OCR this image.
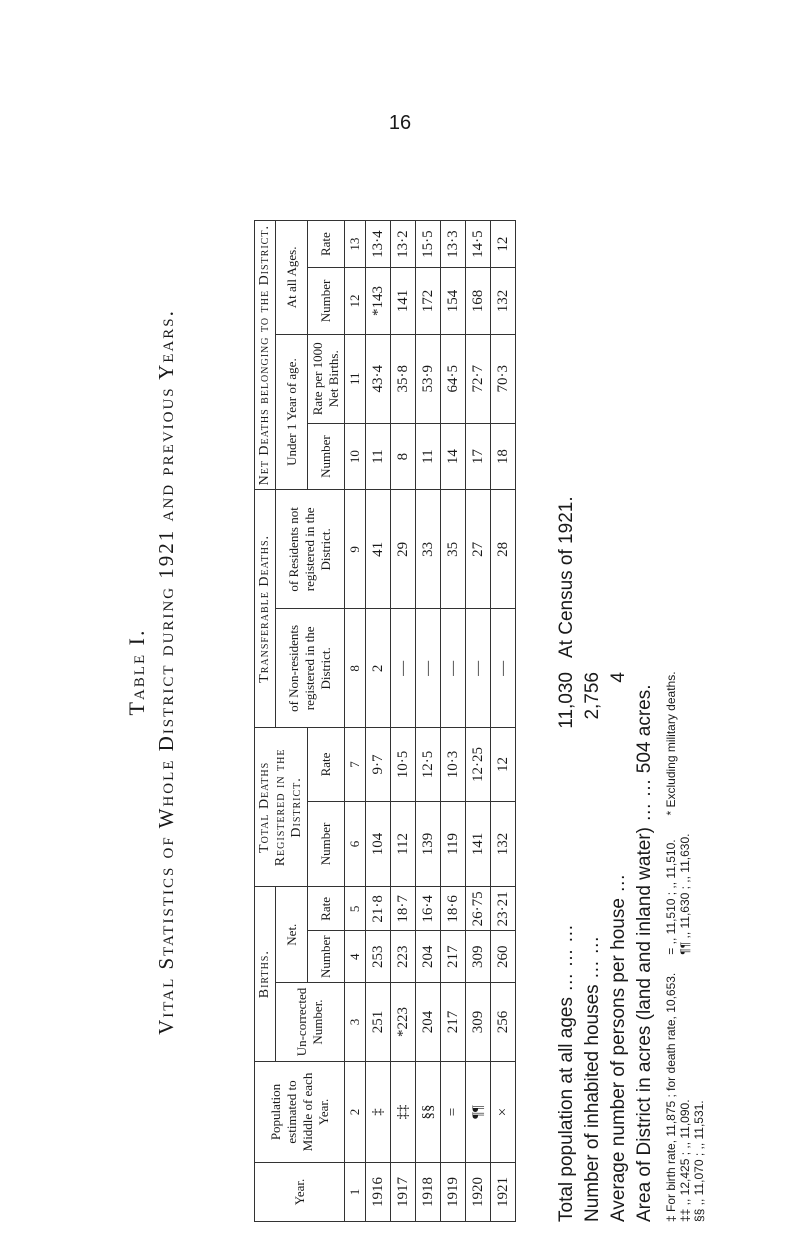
16
Table I. Vital Statistics of Whole District during 1921 and previous Years.
Year.	Population estimated to Middle of each Year.	Births.			Total Deaths Registered in the District.		Transferable Deaths.		Net Deaths belonging to the District.			
		Un-corrected Number.	Net.				of Non-residents registered in the District.	of Residents not registered in the District.	Under 1 Year of age.		At all Ages.	
			Number	Rate	Number	Rate			Number	Rate per 1000 Net Births.	Number	Rate
1	2	3	4	5	6	7	8	9	10	11	12	13
1916	‡	251	253	21·8	104	9·7	2	41	11	43·4	*143	13·4
1917	‡‡	*223	223	18·7	112	10·5	—	29	8	35·8	141	13·2
1918	§§	204	204	16·4	139	12·5	—	33	11	53·9	172	15·5
1919	=	217	217	18·6	119	10·3	—	35	14	64·5	154	13·3
1920	¶¶	309	309	26·75	141	12·25	—	27	17	72·7	168	14·5
1921	×	256	260	23·21	132	12	—	28	18	70·3	132	12
Total population at all ages … … …
11,030
At Census of 1921.
Number of inhabited houses … …
2,756
Average number of persons per house …
4
Area of District in acres (land and inland water) … … 504 acres.
‡ For birth rate, 11,875 ; for death rate, 10,653. ‡‡ ,, 12,425 ; ,, 11,090. §§ ,, 11,070 ; ,, 11,531.
= ,, 11,510 ; ,, 11,510. ¶¶ ,, 11,630 ; ,, 11,630.
* Excluding military deaths.
